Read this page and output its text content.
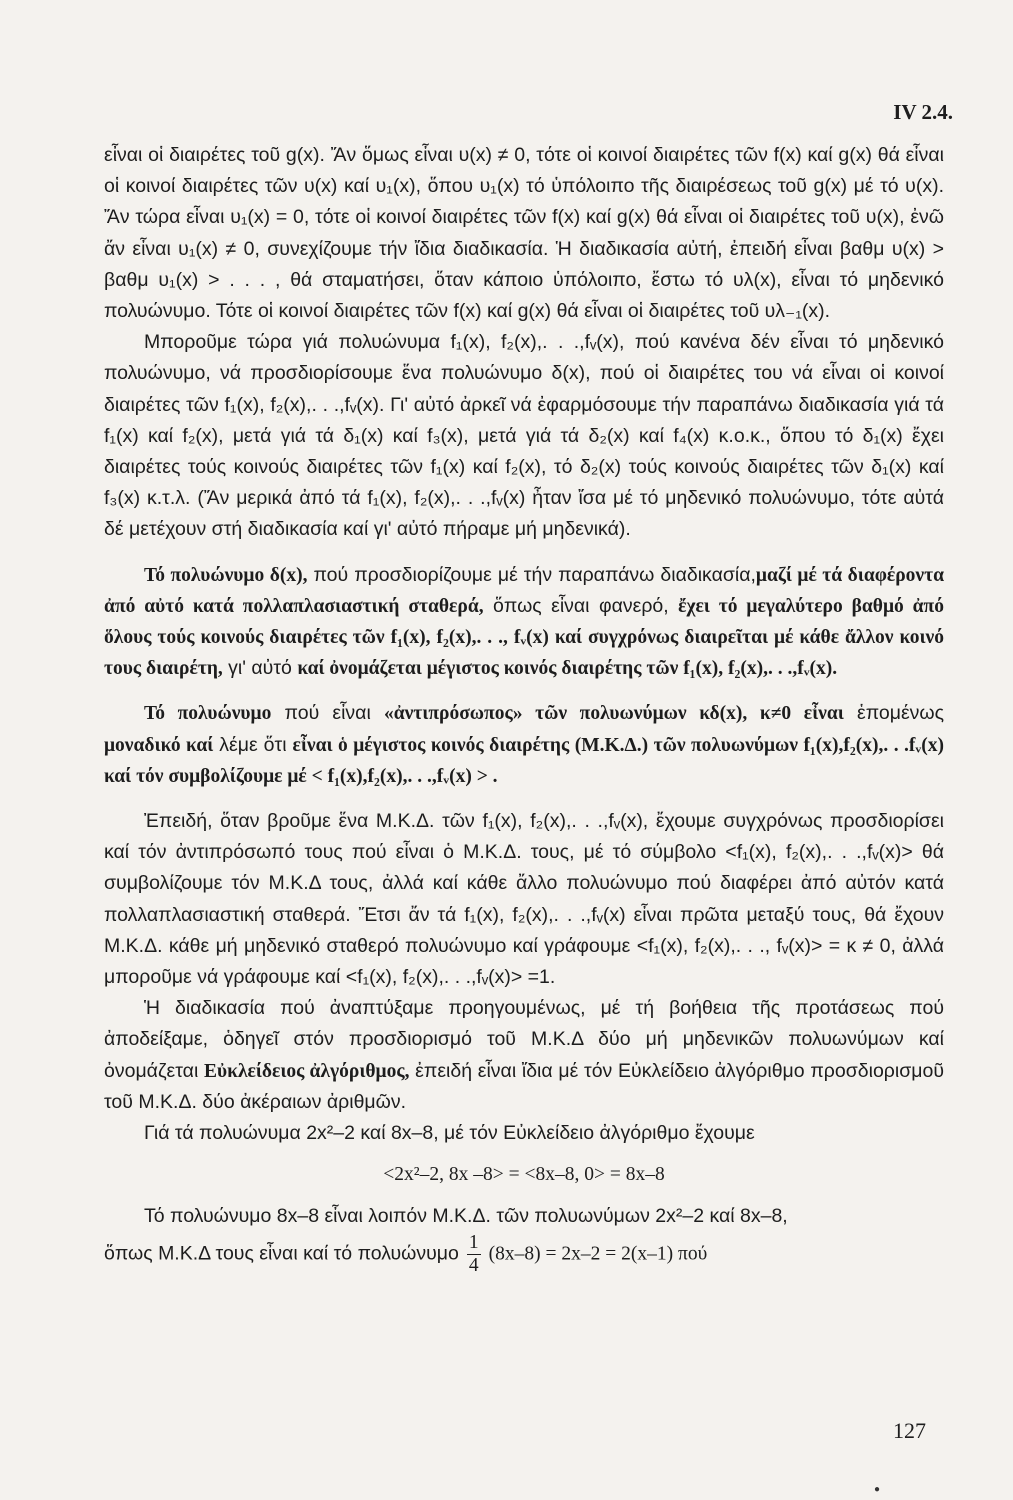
IV 2.4.

εἶναι οἱ διαιρέτες τοῦ g(x). Ἄν ὅμως εἶναι υ(x) ≠ 0, τότε οἱ κοινοί διαιρέτες τῶν f(x) καί g(x) θά εἶναι οἱ κοινοί διαιρέτες τῶν υ(x) καί υ₁(x), ὅπου υ₁(x) τό ὑπόλοιπο τῆς διαιρέσεως τοῦ g(x) μέ τό υ(x). Ἄν τώρα εἶναι υ₁(x) = 0, τότε οἱ κοινοί διαιρέτες τῶν f(x) καί g(x) θά εἶναι οἱ διαιρέτες τοῦ υ(x), ἐνῶ ἄν εἶναι υ₁(x) ≠ 0, συνεχίζουμε τήν ἴδια διαδικασία. Ἡ διαδικασία αὐτή, ἐπειδή εἶναι βαθμ υ(x) > βαθμ υ₁(x) > . . . , θά σταματήσει, ὅταν κάποιο ὑπόλοιπο, ἔστω τό υλ(x), εἶναι τό μηδενικό πολυώνυμο. Τότε οἱ κοινοί διαιρέτες τῶν f(x) καί g(x) θά εἶναι οἱ διαιρέτες τοῦ υλ₋₁(x).

Μποροῦμε τώρα γιά πολυώνυμα f₁(x), f₂(x),. . .,fᵥ(x), πού κανένα δέν εἶναι τό μηδενικό πολυώνυμο, νά προσδιορίσουμε ἕνα πολυώνυμο δ(x), πού οἱ διαιρέτες του νά εἶναι οἱ κοινοί διαιρέτες τῶν f₁(x), f₂(x),. . .,fᵥ(x). Γι' αὐτό ἀρκεῖ νά ἐφαρμόσουμε τήν παραπάνω διαδικασία γιά τά f₁(x) καί f₂(x), μετά γιά τά δ₁(x) καί f₃(x), μετά γιά τά δ₂(x) καί f₄(x) κ.ο.κ., ὅπου τό δ₁(x) ἔχει διαιρέτες τούς κοινούς διαιρέτες τῶν f₁(x) καί f₂(x), τό δ₂(x) τούς κοινούς διαιρέτες τῶν δ₁(x) καί f₃(x) κ.τ.λ. (Ἄν μερικά ἀπό τά f₁(x), f₂(x),. . .,fᵥ(x) ἦταν ἴσα μέ τό μηδενικό πολυώνυμο, τότε αὐτά δέ μετέχουν στή διαδικασία καί γι' αὐτό πήραμε μή μηδενικά).

Τό πολυώνυμο δ(x), πού προσδιορίζουμε μέ τήν παραπάνω διαδικασία,μαζί μέ τά διαφέροντα ἀπό αὐτό κατά πολλαπλασιαστική σταθερά, ὅπως εἶναι φανερό, ἔχει τό μεγαλύτερο βαθμό ἀπό ὅλους τούς κοινούς διαιρέτες τῶν f₁(x), f₂(x),. . ., fᵥ(x) καί συγχρόνως διαιρεῖται μέ κάθε ἄλλον κοινό τους διαιρέτη, γι' αὐτό καί ὀνομάζεται μέγιστος κοινός διαιρέτης τῶν f₁(x), f₂(x),. . .,fᵥ(x).

Τό πολυώνυμο πού εἶναι «ἀντιπρόσωπος» τῶν πολυωνύμων κδ(x), κ≠0 εἶναι ἑπομένως μοναδικό καί λέμε ὅτι εἶναι ὁ μέγιστος κοινός διαιρέτης (Μ.Κ.Δ.) τῶν πολυωνύμων f₁(x),f₂(x),. . .fᵥ(x) καί τόν συμβολίζουμε μέ < f₁(x),f₂(x),. . .,fᵥ(x) > .

Ἐπειδή, ὅταν βροῦμε ἕνα Μ.Κ.Δ. τῶν f₁(x), f₂(x),. . .,fᵥ(x), ἔχουμε συγχρόνως προσδιορίσει καί τόν ἀντιπρόσωπό τους πού εἶναι ὁ Μ.Κ.Δ. τους, μέ τό σύμβολο <f₁(x), f₂(x),. . .,fᵥ(x)> θά συμβολίζουμε τόν Μ.Κ.Δ τους, ἀλλά καί κάθε ἄλλο πολυώνυμο πού διαφέρει ἀπό αὐτόν κατά πολλαπλασιαστική σταθερά. Ἔτσι ἄν τά f₁(x), f₂(x),. . .,fᵥ(x) εἶναι πρῶτα μεταξύ τους, θά ἔχουν Μ.Κ.Δ. κάθε μή μηδενικό σταθερό πολυώνυμο καί γράφουμε <f₁(x), f₂(x),. . ., fᵥ(x)> = κ ≠ 0, ἀλλά μποροῦμε νά γράφουμε καί <f₁(x), f₂(x),. . .,fᵥ(x)> =1.

Ἡ διαδικασία πού ἀναπτύξαμε προηγουμένως, μέ τή βοήθεια τῆς προτάσεως πού ἀποδείξαμε, ὁδηγεῖ στόν προσδιορισμό τοῦ Μ.Κ.Δ δύο μή μηδενικῶν πολυωνύμων καί ὀνομάζεται Εὐκλείδειος ἀλγόριθμος, ἐπειδή εἶναι ἴδια μέ τόν Εὐκλείδειο ἀλγόριθμο προσδιορισμοῦ τοῦ Μ.Κ.Δ. δύο ἀκέραιων ἀριθμῶν.

Γιά τά πολυώνυμα 2x²–2 καί 8x–8, μέ τόν Εὐκλείδειο ἀλγόριθμο ἔχουμε

<2x²–2, 8x –8> = <8x–8, 0> = 8x–8

Τό πολυώνυμο 8x–8 εἶναι λοιπόν Μ.Κ.Δ. τῶν πολυωνύμων 2x²–2 καί 8x–8,

ὅπως Μ.Κ.Δ τους εἶναι καί τό πολυώνυμο $\frac{1}{4} (8x-8) = 2x-2 = 2(x-1)$ πού

127
●
